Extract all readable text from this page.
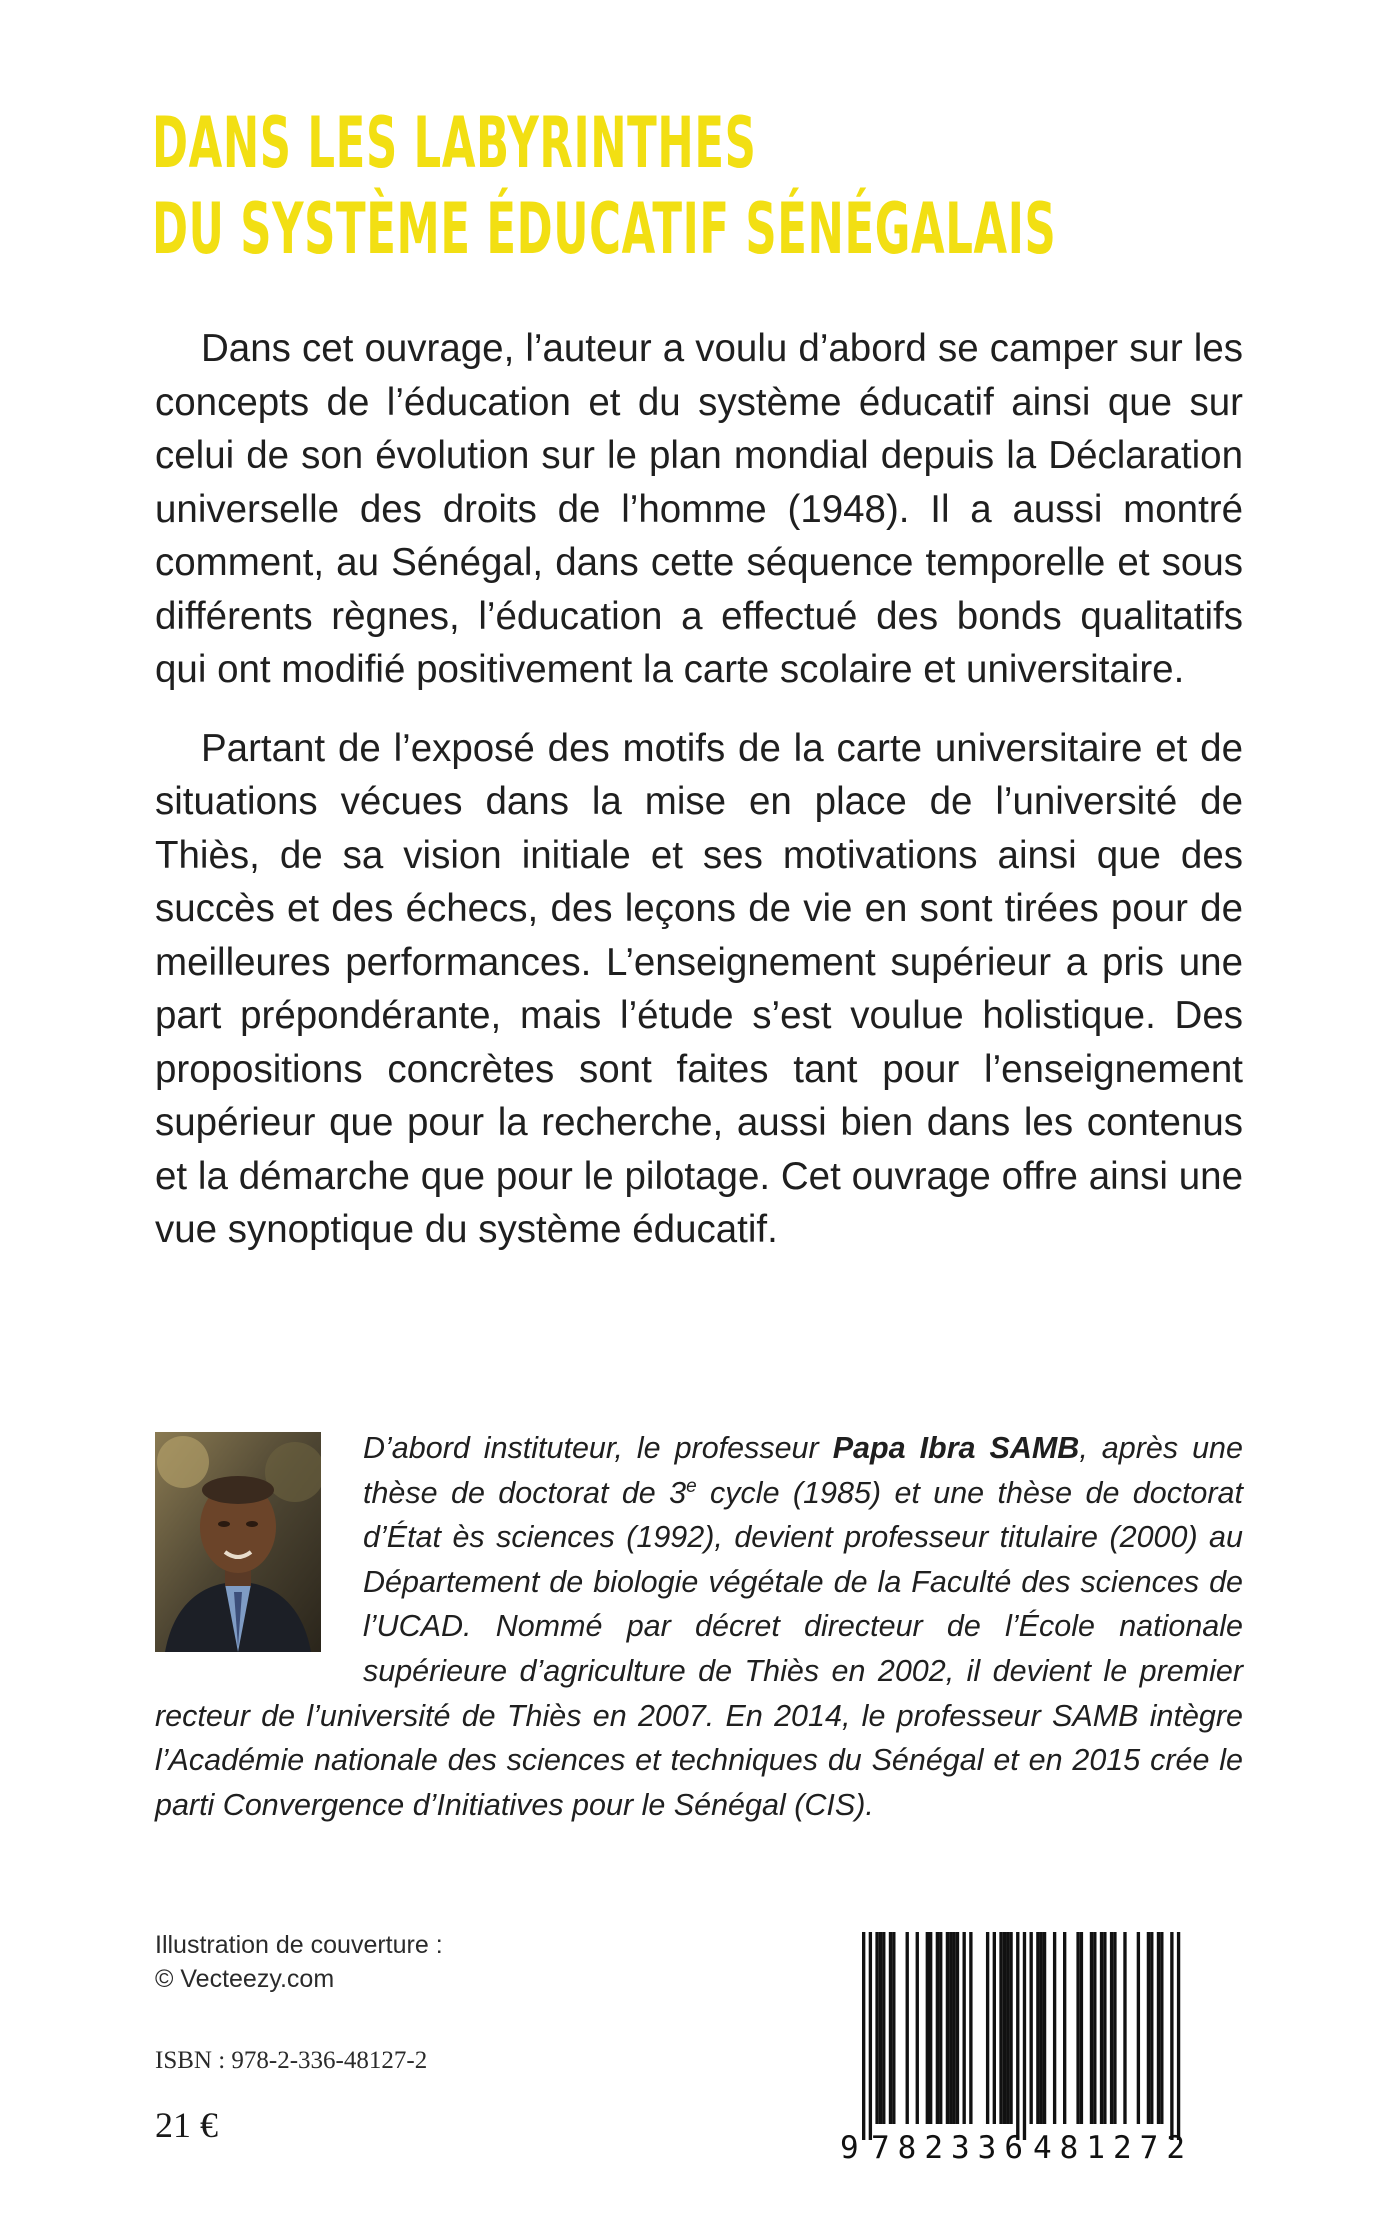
DANS LES LABYRINTHES
DU SYSTÈME ÉDUCATIF SÉNÉGALAIS

Dans cet ouvrage, l’auteur a voulu d’abord se camper sur les concepts de l’éducation et du système éducatif ainsi que sur celui de son évolution sur le plan mondial depuis la Déclaration universelle des droits de l’homme (1948). Il a aussi montré comment, au Sénégal, dans cette séquence temporelle et sous différents règnes, l’éducation a effectué des bonds qualitatifs qui ont modifié positivement la carte scolaire et universitaire.

Partant de l’exposé des motifs de la carte universitaire et de situations vécues dans la mise en place de l’université de Thiès, de sa vision initiale et ses motivations ainsi que des succès et des échecs, des leçons de vie en sont tirées pour de meilleures performances. L’enseignement supérieur a pris une part prépondérante, mais l’étude s’est voulue holistique. Des propositions concrètes sont faites tant pour l’enseignement supérieur que pour la recherche, aussi bien dans les contenus et la démarche que pour le pilotage. Cet ouvrage offre ainsi une vue synoptique du système éducatif.

D’abord instituteur, le professeur Papa Ibra SAMB, après une thèse de doctorat de 3e cycle (1985) et une thèse de doctorat d’État ès sciences (1992), devient professeur titulaire (2000) au Département de biologie végétale de la Faculté des sciences de l’UCAD. Nommé par décret directeur de l’École nationale supérieure d’agriculture de Thiès en 2002, il devient le premier recteur de l’université de Thiès en 2007. En 2014, le professeur SAMB intègre l’Académie nationale des sciences et techniques du Sénégal et en 2015 crée le parti Convergence d’Initiatives pour le Sénégal (CIS).
Illustration de couverture :
© Vecteezy.com
ISBN : 978-2-336-48127-2
21 €
9 782336 481272
